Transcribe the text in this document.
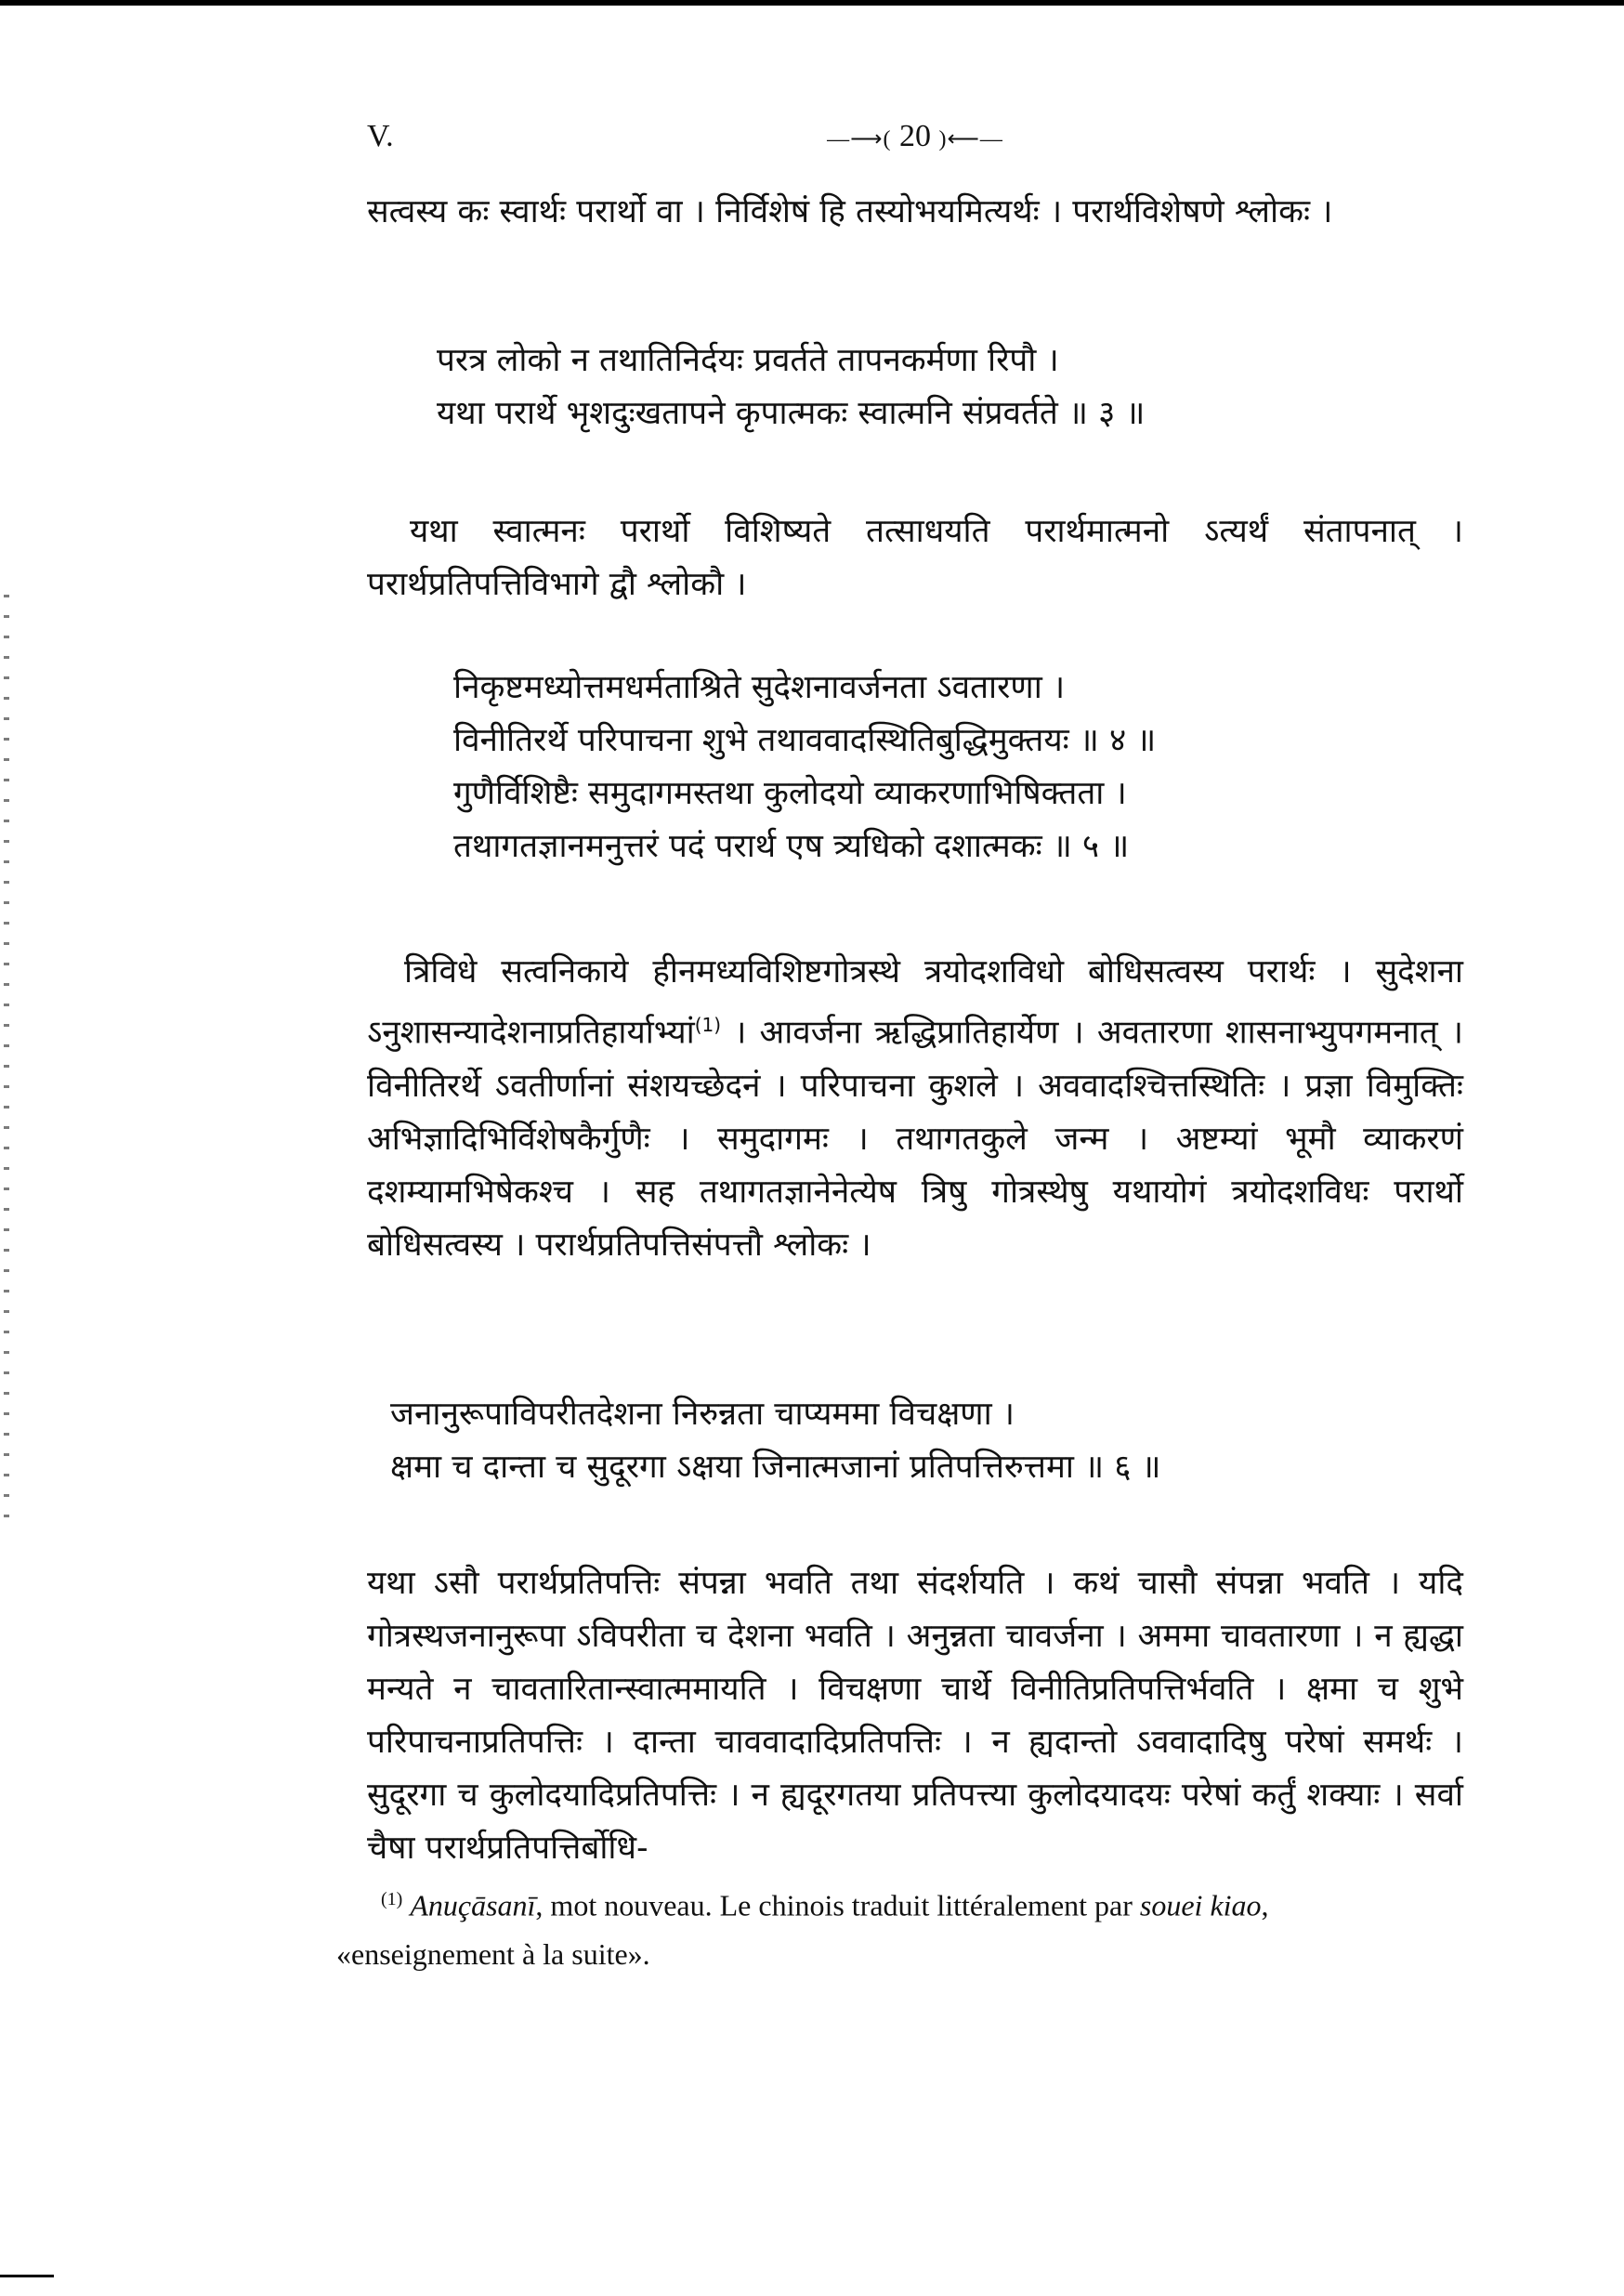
V.	—⟶( 20 )⟵—
सत्वस्य कः स्वार्थः परार्थो वा । निर्विशेषं हि तस्योभयमित्यर्थः । परार्थविशेषणे श्लोकः ।
परत्र लोको न तथातिनिर्दयः प्रवर्तते तापनकर्मणा रिपौ ।
यथा परार्थे भृशदुःखतापने कृपात्मकः स्वात्मनि संप्रवर्तते ॥ ३ ॥
यथा स्वात्मनः परार्थो विशिष्यते तत्साधयति परार्थमात्मनो ऽत्यर्थं संतापनात् । परार्थप्रतिपत्तिविभागे द्वौ श्लोकौ ।
निकृष्टमध्योत्तमधर्मताश्रिते सुदेशनावर्जनता ऽवतारणा ।
विनीतिरर्थे परिपाचना शुभे तथाववादस्थितिबुद्धिमुक्तयः ॥ ४ ॥
गुणैर्विशिष्टैः समुदागमस्तथा कुलोदयो व्याकरणाभिषिक्तता ।
तथागतज्ञानमनुत्तरं पदं परार्थ एष त्र्यधिको दशात्मकः ॥ ५ ॥
त्रिविधे सत्वनिकाये हीनमध्यविशिष्टगोत्रस्थे त्रयोदशविधो बोधिसत्वस्य परार्थः । सुदेशना ऽनुशासन्यादेशनाप्रतिहार्याभ्यां$^{(1)}$ । आवर्जना ऋद्धिप्रातिहार्येण । अवतारणा शासनाभ्युपगमनात् । विनीतिरर्थे ऽवतीर्णानां संशयच्छेदनं । परिपाचना कुशले । अववादश्चित्तस्थितिः । प्रज्ञा विमुक्तिः अभिज्ञादिभिर्विशेषकैर्गुणैः । समुदागमः । तथागतकुले जन्म । अष्टम्यां भूमौ व्याकरणं दशम्यामभिषेकश्च । सह तथागतज्ञानेनेत्येष त्रिषु गोत्रस्थेषु यथायोगं त्रयोदशविधः परार्थो बोधिसत्वस्य । परार्थप्रतिपत्तिसंपत्तौ श्लोकः ।
जनानुरूपाविपरीतदेशना निरुन्नता चाप्यममा विचक्षणा ।
क्षमा च दान्ता च सुदूरगा ऽक्षया जिनात्मजानां प्रतिपत्तिरुत्तमा ॥ ६ ॥
यथा ऽसौ परार्थप्रतिपत्तिः संपन्ना भवति तथा संदर्शयति । कथं चासौ संपन्ना भवति । यदि गोत्रस्थजनानुरूपा ऽविपरीता च देशना भवति । अनुन्नता चावर्जना । अममा चावतारणा । न ह्यद्धा मन्यते न चावतारितान्स्वात्ममायति । विचक्षणा चार्थे विनीतिप्रतिपत्तिर्भवति । क्षमा च शुभे परिपाचनाप्रतिपत्तिः । दान्ता चाववादादिप्रतिपत्तिः । न ह्यदान्तो ऽववादादिषु परेषां समर्थः । सुदूरगा च कुलोदयादिप्रतिपत्तिः । न ह्यदूरगतया प्रतिपत्त्या कुलोदयादयः परेषां कर्तुं शक्याः । सर्वा चैषा परार्थप्रतिपत्तिर्बोधि-
$^{(1)}$ Anuçāsanī, mot nouveau. Le chinois traduit littéralement par souei kiao, «enseignement à la suite».
